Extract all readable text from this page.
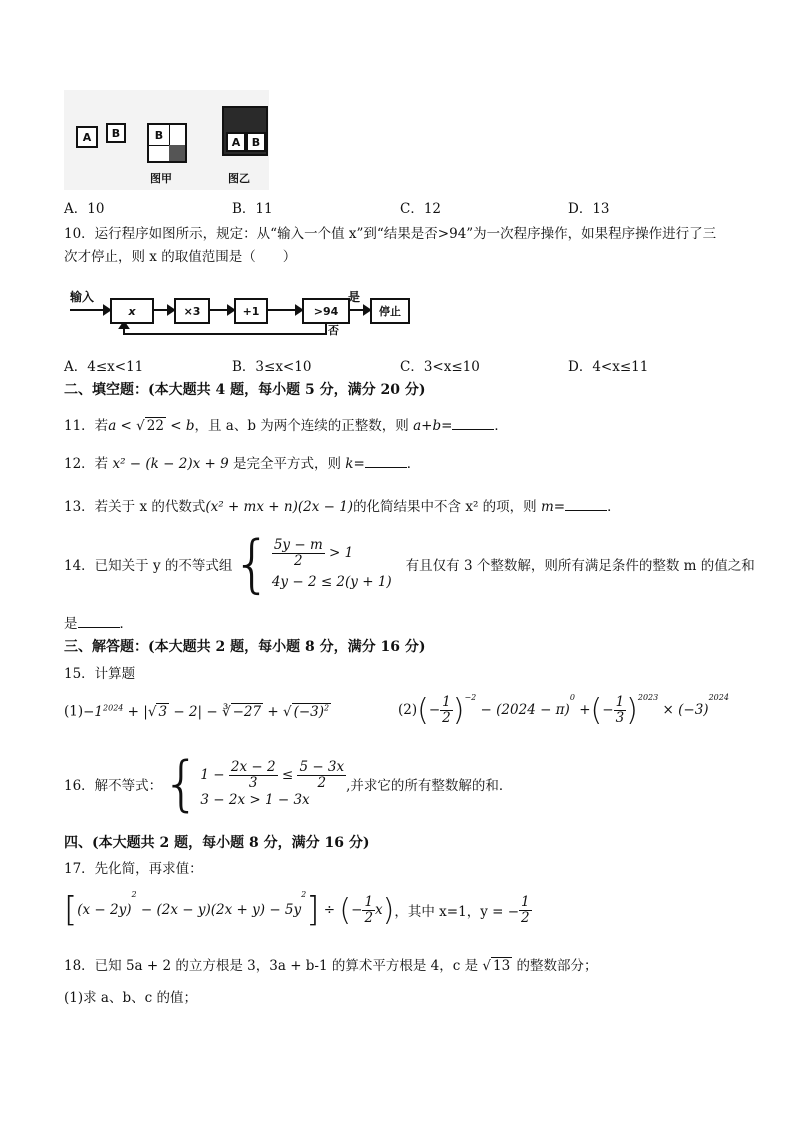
A B	B
A B
图甲	图乙
A．10	B．11	C．12	D．13
10．运行程序如图所示，规定：从“输入一个值 x”到“结果是否>94”为一次程序操作，如果程序操作进行了三
次才停止，则 x 的取值范围是（　　）
输入
x	×3	+1	>94
是
否
停止
A．4≤x<11	B．3≤x<10	C．3<x≤10	D．4<x≤11
二、填空题：(本大题共 4 题，每小题 5 分，满分 20 分)
11．若a < √ 22 < b，且 a、b 为两个连续的正整数，则 a+b=	．
12．若 x² − (k − 2)x + 9 是完全平方式，则 k=	．
13．若关于 x 的代数式(x² + mx + n)(2x − 1)的化简结果中不含 x² 的项，则 m=	．
14．已知关于 y 的不等式组 { $\frac{5y - m}{2} > 1$
4y − 2 ≤ 2(y + 1)
有且仅有 3 个整数解，则所有满足条件的整数 m 的值之和
是	．
三、解答题：(本大题共 2 题，每小题 8 分，满分 16 分)
15．计算题
$(1)-1^{2024}$ + |√ 3 − 2| − ∛ −27 + √ $(-3)^2$	(2) ( − $\frac{1}{2} )^{-2}$
− (2024 − π)
0
+ ( − $\frac{1}{3} )^{2023}$
× (−3)
2024
16．解不等式： { $1 - \frac{2x - 2}{3} \le \frac{5 - 3x}{2}$
3 − 2x > 1 − 3x
,并求它的所有整数解的和．
四、(本大题共 2 题，每小题 8 分，满分 16 分)
17．先化简，再求值：
[ (x − 2y)
$^2$
− (2x − y)(2x + y) − 5y
2 ] ÷ ( − $\frac{1}{2}$ x ) ，其中 x=1，y = − $\frac{1}{2}$
18．已知 5a + 2 的立方根是 3，3a + b-1 的算术平方根是 4，c 是 √ 13 的整数部分；
(1)求 a、b、c 的值；
